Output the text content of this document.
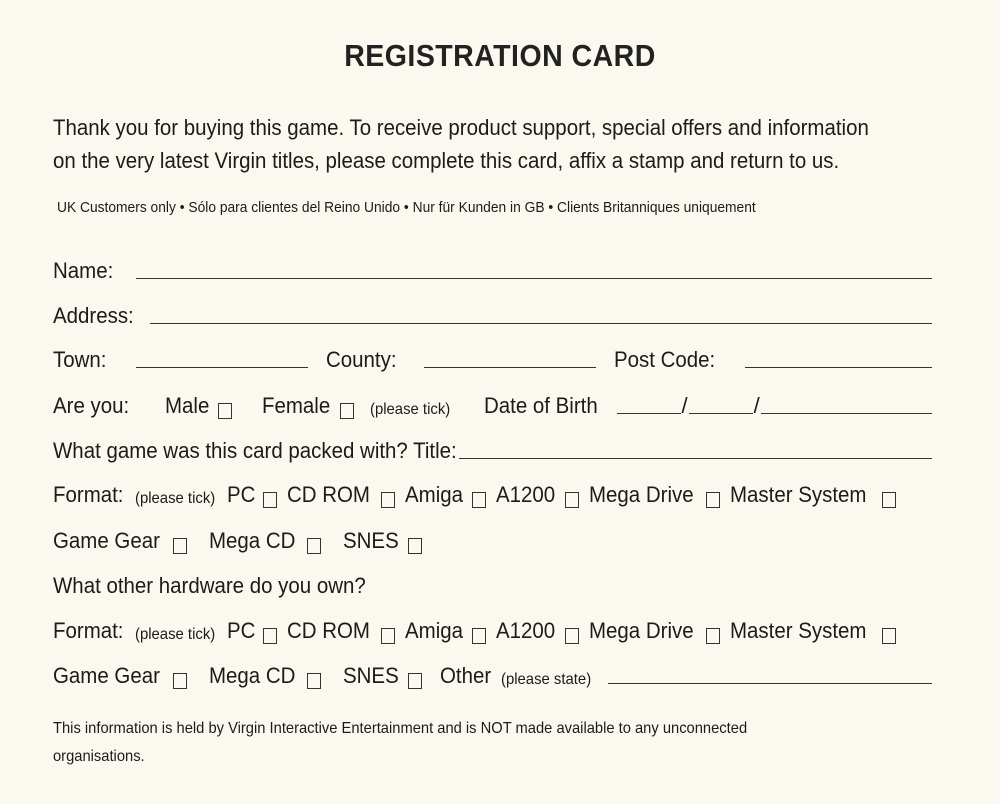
REGISTRATION CARD
Thank you for buying this game. To receive product support, special offers and information
on the very latest Virgin titles, please complete this card, affix a stamp and return to us.
UK Customers only • Sólo para clientes del Reino Unido • Nur für Kunden in GB • Clients Britanniques uniquement
Name:
Address:
Town:	County:	Post Code:
Are you: Male Female	(please tick) Date of Birth	/	/
What game was this card packed with? Title:
Format: (please tick) PC CD ROM Amiga A1200 Mega Drive Master System
Game Gear Mega CD SNES
What other hardware do you own?
Format: (please tick) PC CD ROM Amiga A1200 Mega Drive Master System
Game Gear Mega CD SNES Other (please state)
This information is held by Virgin Interactive Entertainment and is NOT made available to any unconnected
organisations.
